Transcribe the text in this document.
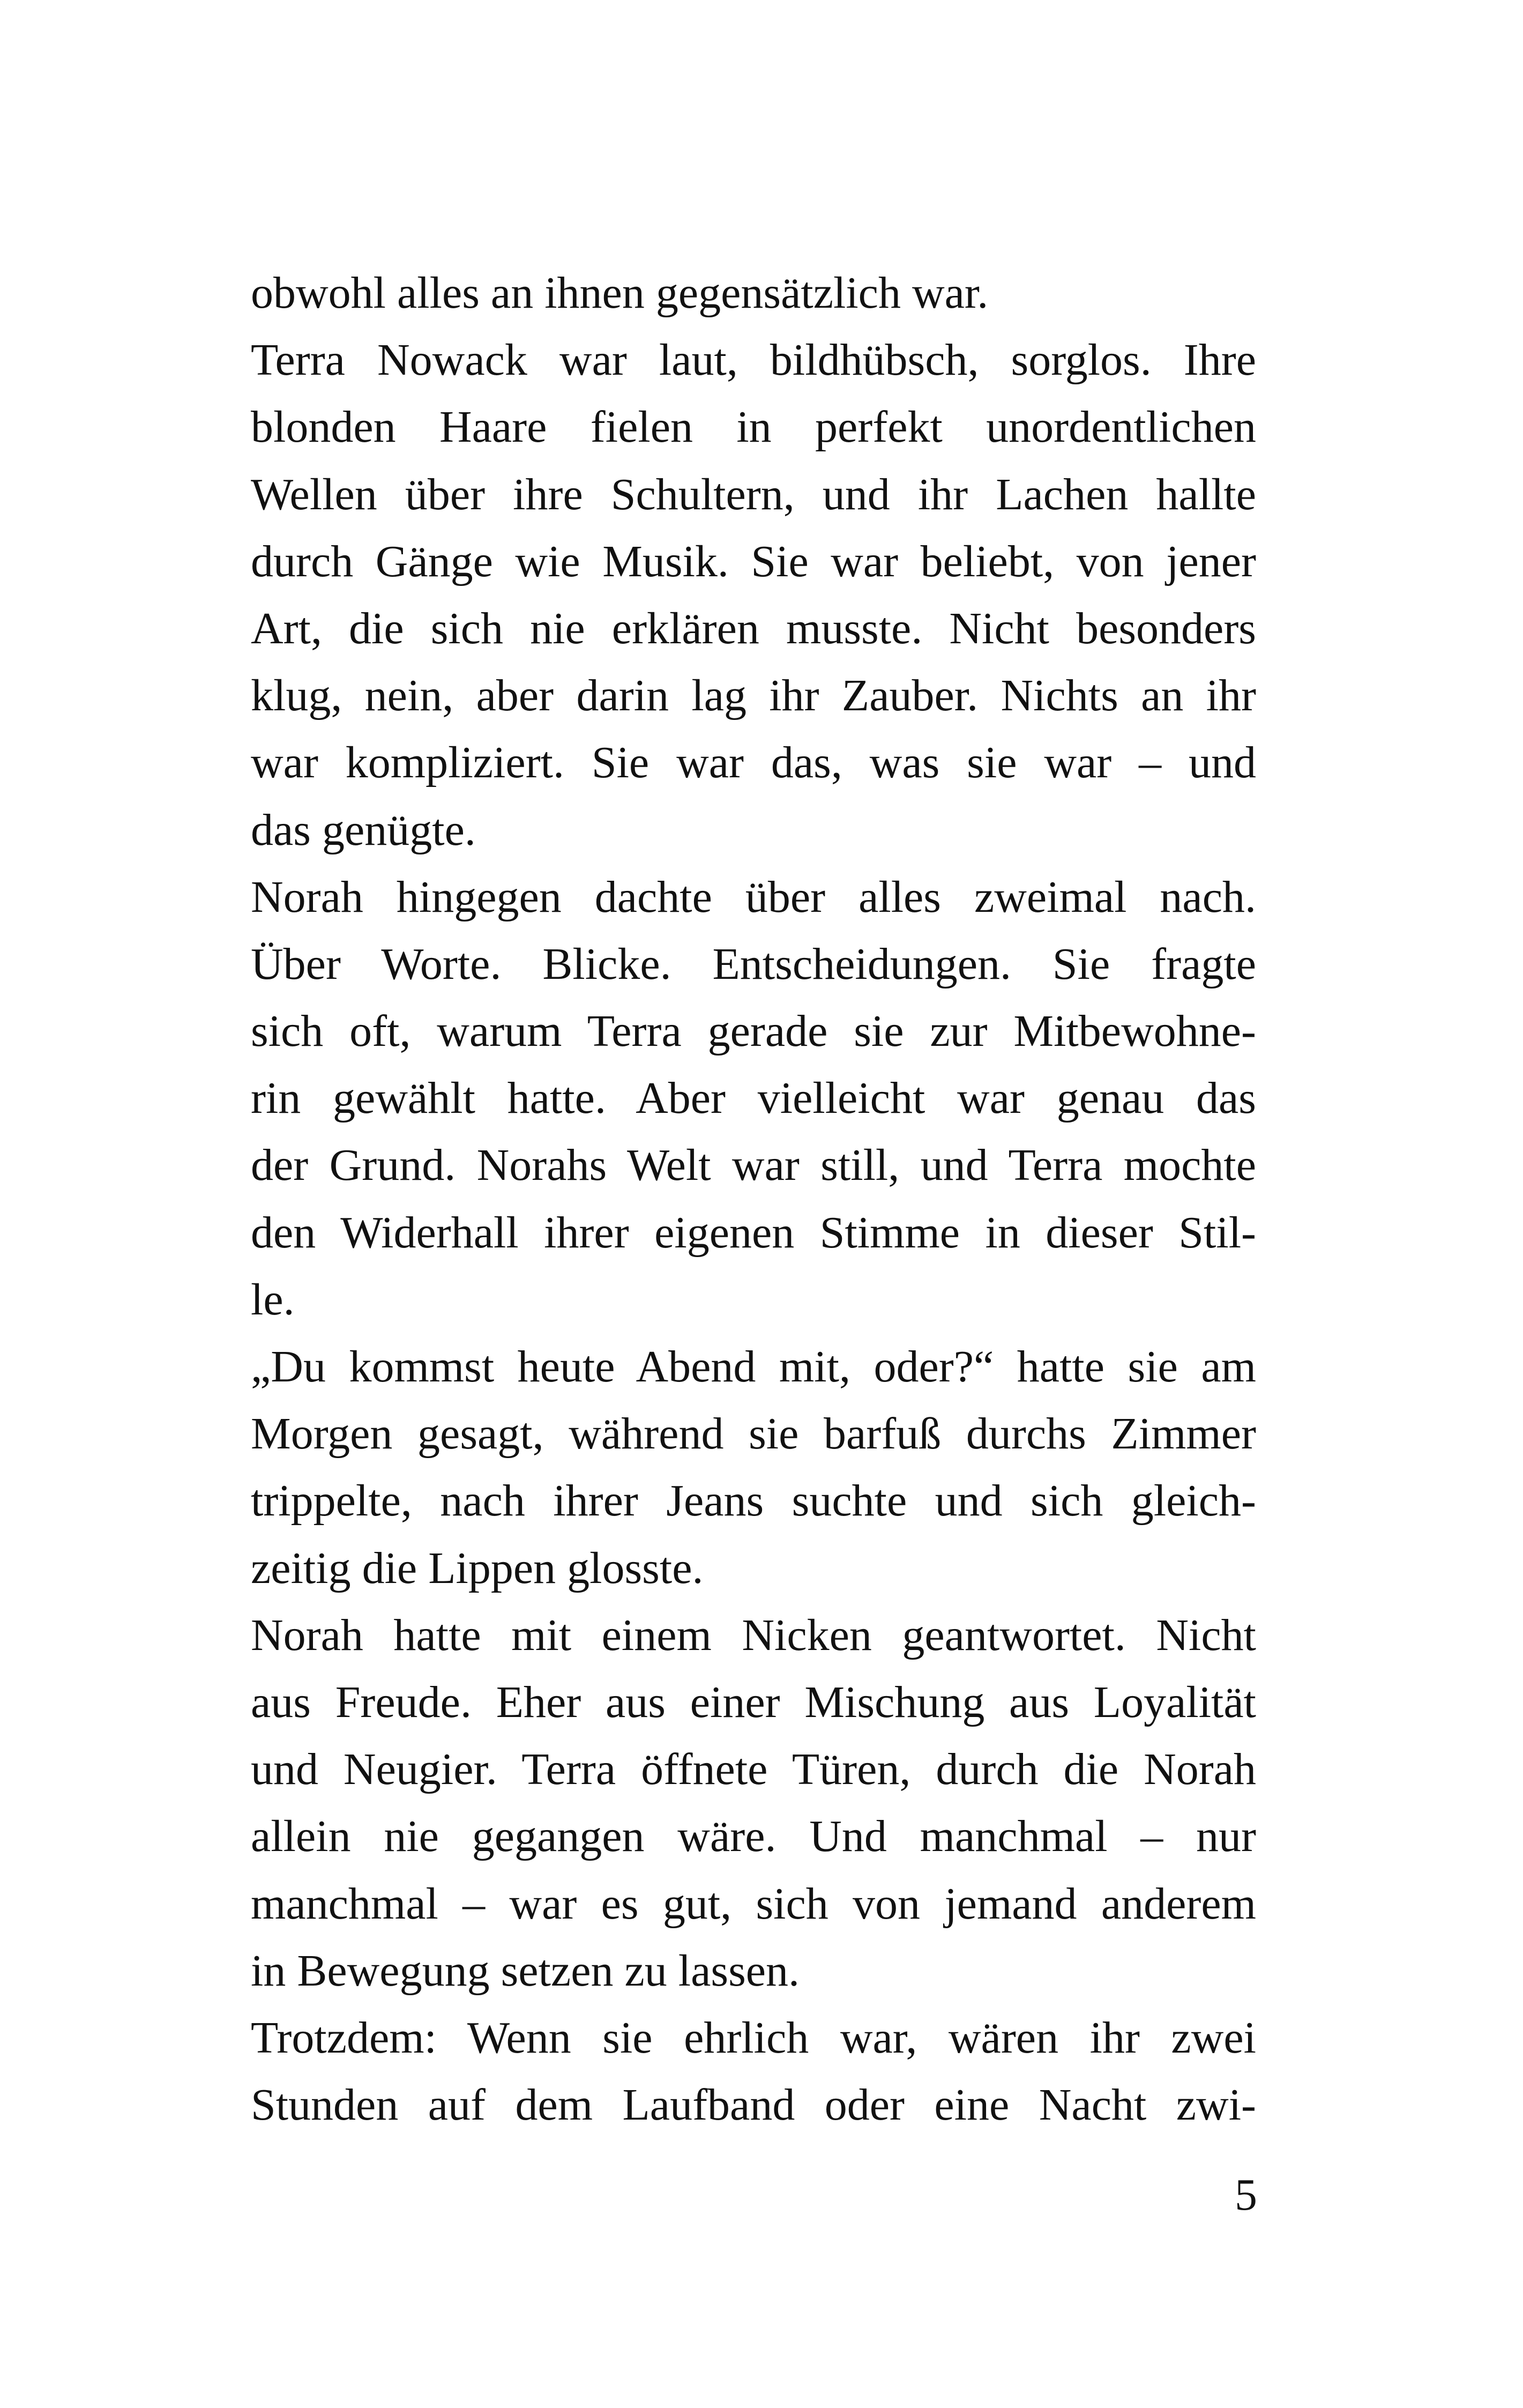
obwohl alles an ihnen gegensätzlich war.
Terra Nowack war laut, bildhübsch, sorglos. Ihre
blonden Haare fielen in perfekt unordentlichen
Wellen über ihre Schultern, und ihr Lachen hallte
durch Gänge wie Musik. Sie war beliebt, von jener
Art, die sich nie erklären musste. Nicht besonders
klug, nein, aber darin lag ihr Zauber. Nichts an ihr
war kompliziert. Sie war das, was sie war – und
das genügte.
Norah hingegen dachte über alles zweimal nach.
Über Worte. Blicke. Entscheidungen. Sie fragte
sich oft, warum Terra gerade sie zur Mitbewohne-
rin gewählt hatte. Aber vielleicht war genau das
der Grund. Norahs Welt war still, und Terra mochte
den Widerhall ihrer eigenen Stimme in dieser Stil-
le.
„Du kommst heute Abend mit, oder?“ hatte sie am
Morgen gesagt, während sie barfuß durchs Zimmer
trippelte, nach ihrer Jeans suchte und sich gleich-
zeitig die Lippen glosste.
Norah hatte mit einem Nicken geantwortet. Nicht
aus Freude. Eher aus einer Mischung aus Loyalität
und Neugier. Terra öffnete Türen, durch die Norah
allein nie gegangen wäre. Und manchmal – nur
manchmal – war es gut, sich von jemand anderem
in Bewegung setzen zu lassen.
Trotzdem: Wenn sie ehrlich war, wären ihr zwei
Stunden auf dem Laufband oder eine Nacht zwi-
5
